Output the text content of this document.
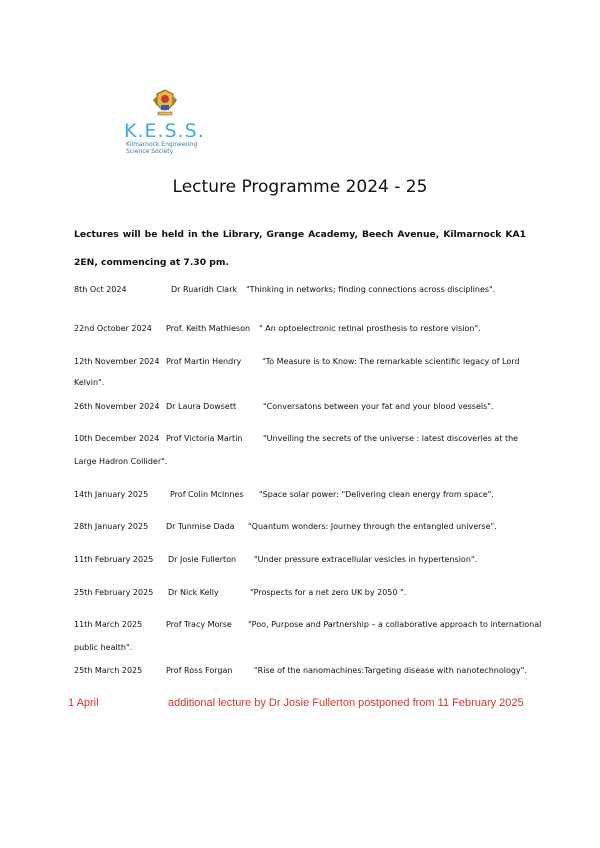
K.E.S.S.
Kilmarnock Engineering
Science Society
Lecture Programme 2024 - 25
Lectures will be held in the Library, Grange Academy, Beech Avenue, Kilmarnock KA1 2EN, commencing at 7.30 pm.
8th Oct 2024	Dr Ruaridh Clark "Thinking in networks; finding connections across disciplines".
22nd October 2024 Prof. Keith Mathieson " An optoelectronic retinal prosthesis to restore vision".
12th November 2024 Prof Martin Hendry	"To Measure is to Know: The remarkable scientific legacy of Lord
Kelvin".
26th November 2024 Dr Laura Dowsett	"Conversatons between your fat and your blood vessels".
10th December 2024 Prof Victoria Martin	"Unveiling the secrets of the universe : latest discoveries at the
Large Hadron Collider".
14th January 2025	Prof Colin McInnes "Space solar power: "Delivering clean energy from space".
28th January 2025 Dr Tunmise Dada "Quantum wonders: Journey through the entangled universe".
11th February 2025 Dr Josie Fullerton "Under pressure extracellular vesicles in hypertension".
25th February 2025 Dr Nick Kelly	"Prospects for a net zero UK by 2050 ".
11th March 2025	Prof Tracy Morse "Poo, Purpose and Partnership – a collaborative approach to international
public health".
25th March 2025	Prof Ross Forgan	"Rise of the nanomachines:Targeting disease with nanotechnology".
1 April	additional lecture by Dr Josie Fullerton postponed from 11 February 2025
